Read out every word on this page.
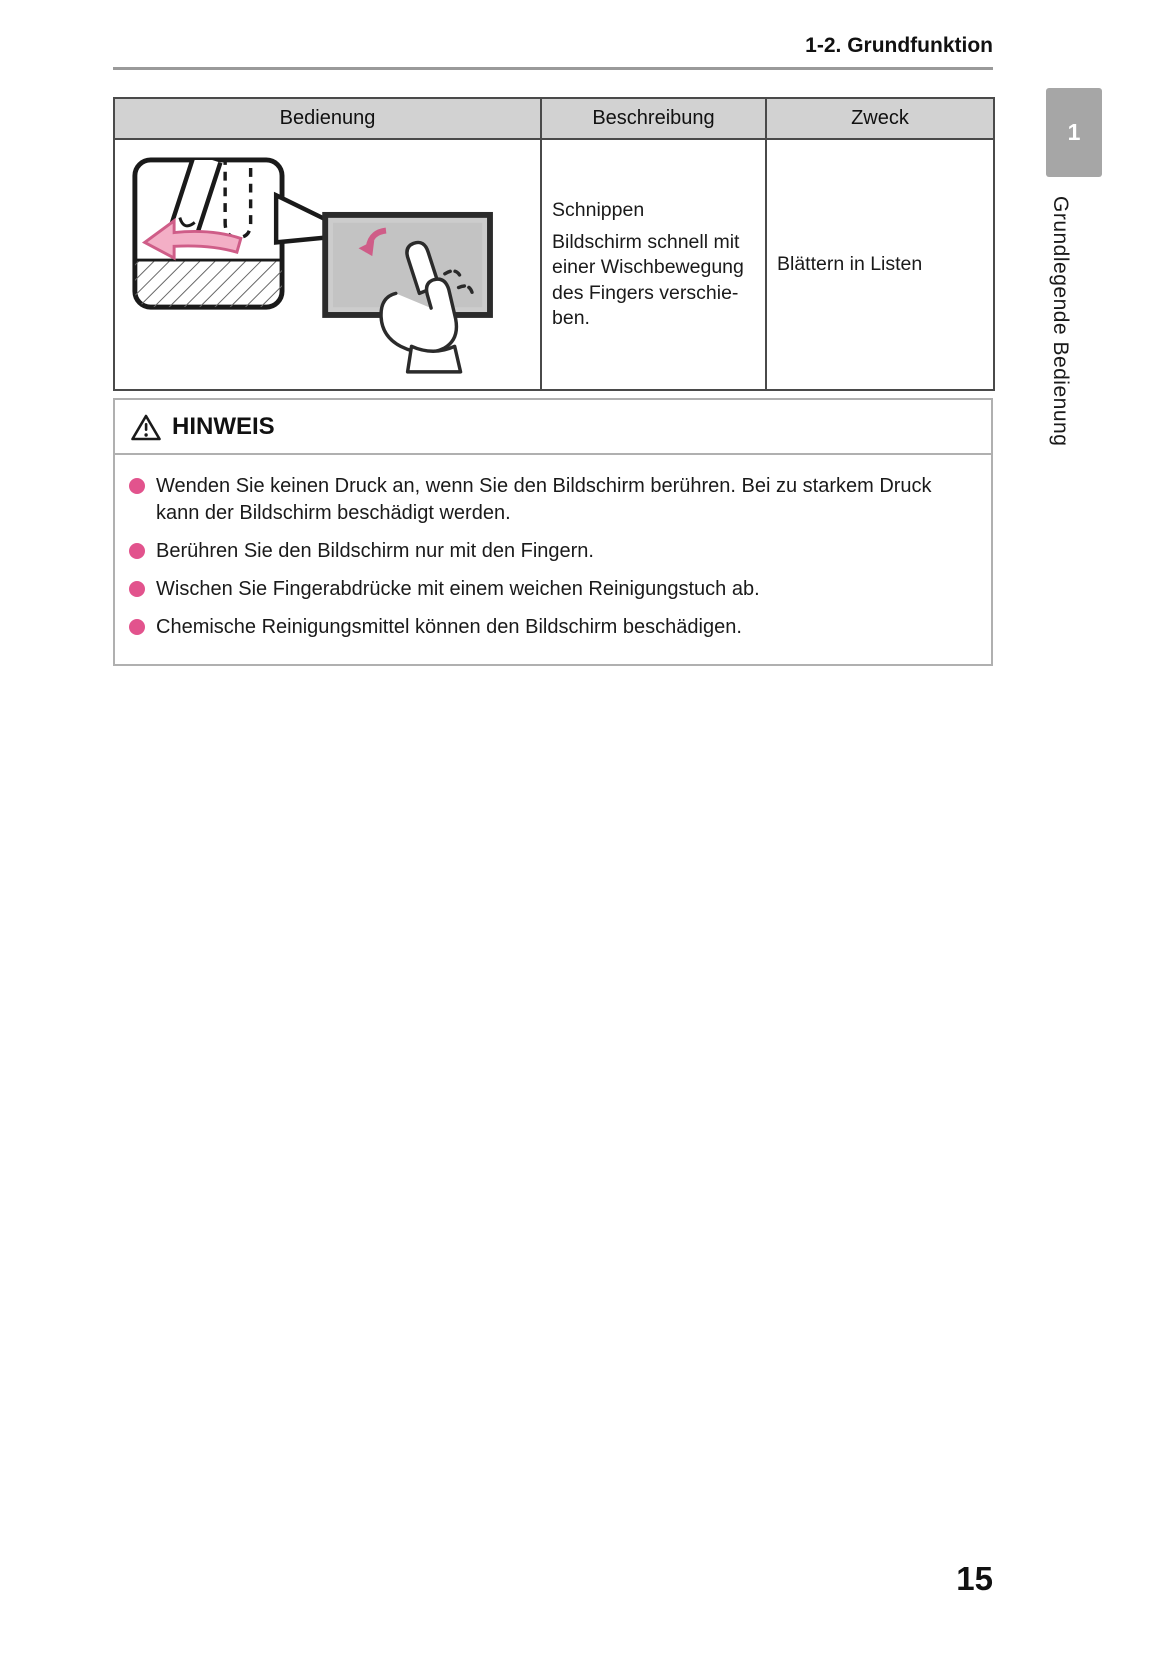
1-2. Grundfunktion
Bedienung	Beschreibung	Zweck

Schnippen
Bildschirm schnell mit einer Wischbewegung des Fingers verschie-ben.	Blättern in Listen
HINWEIS
Wenden Sie keinen Druck an, wenn Sie den Bildschirm berühren. Bei zu starkem Druck kann der Bildschirm beschädigt werden.
Berühren Sie den Bildschirm nur mit den Fingern.
Wischen Sie Fingerabdrücke mit einem weichen Reinigungstuch ab.
Chemische Reinigungsmittel können den Bildschirm beschädigen.
1
Grundlegende Bedienung
15
